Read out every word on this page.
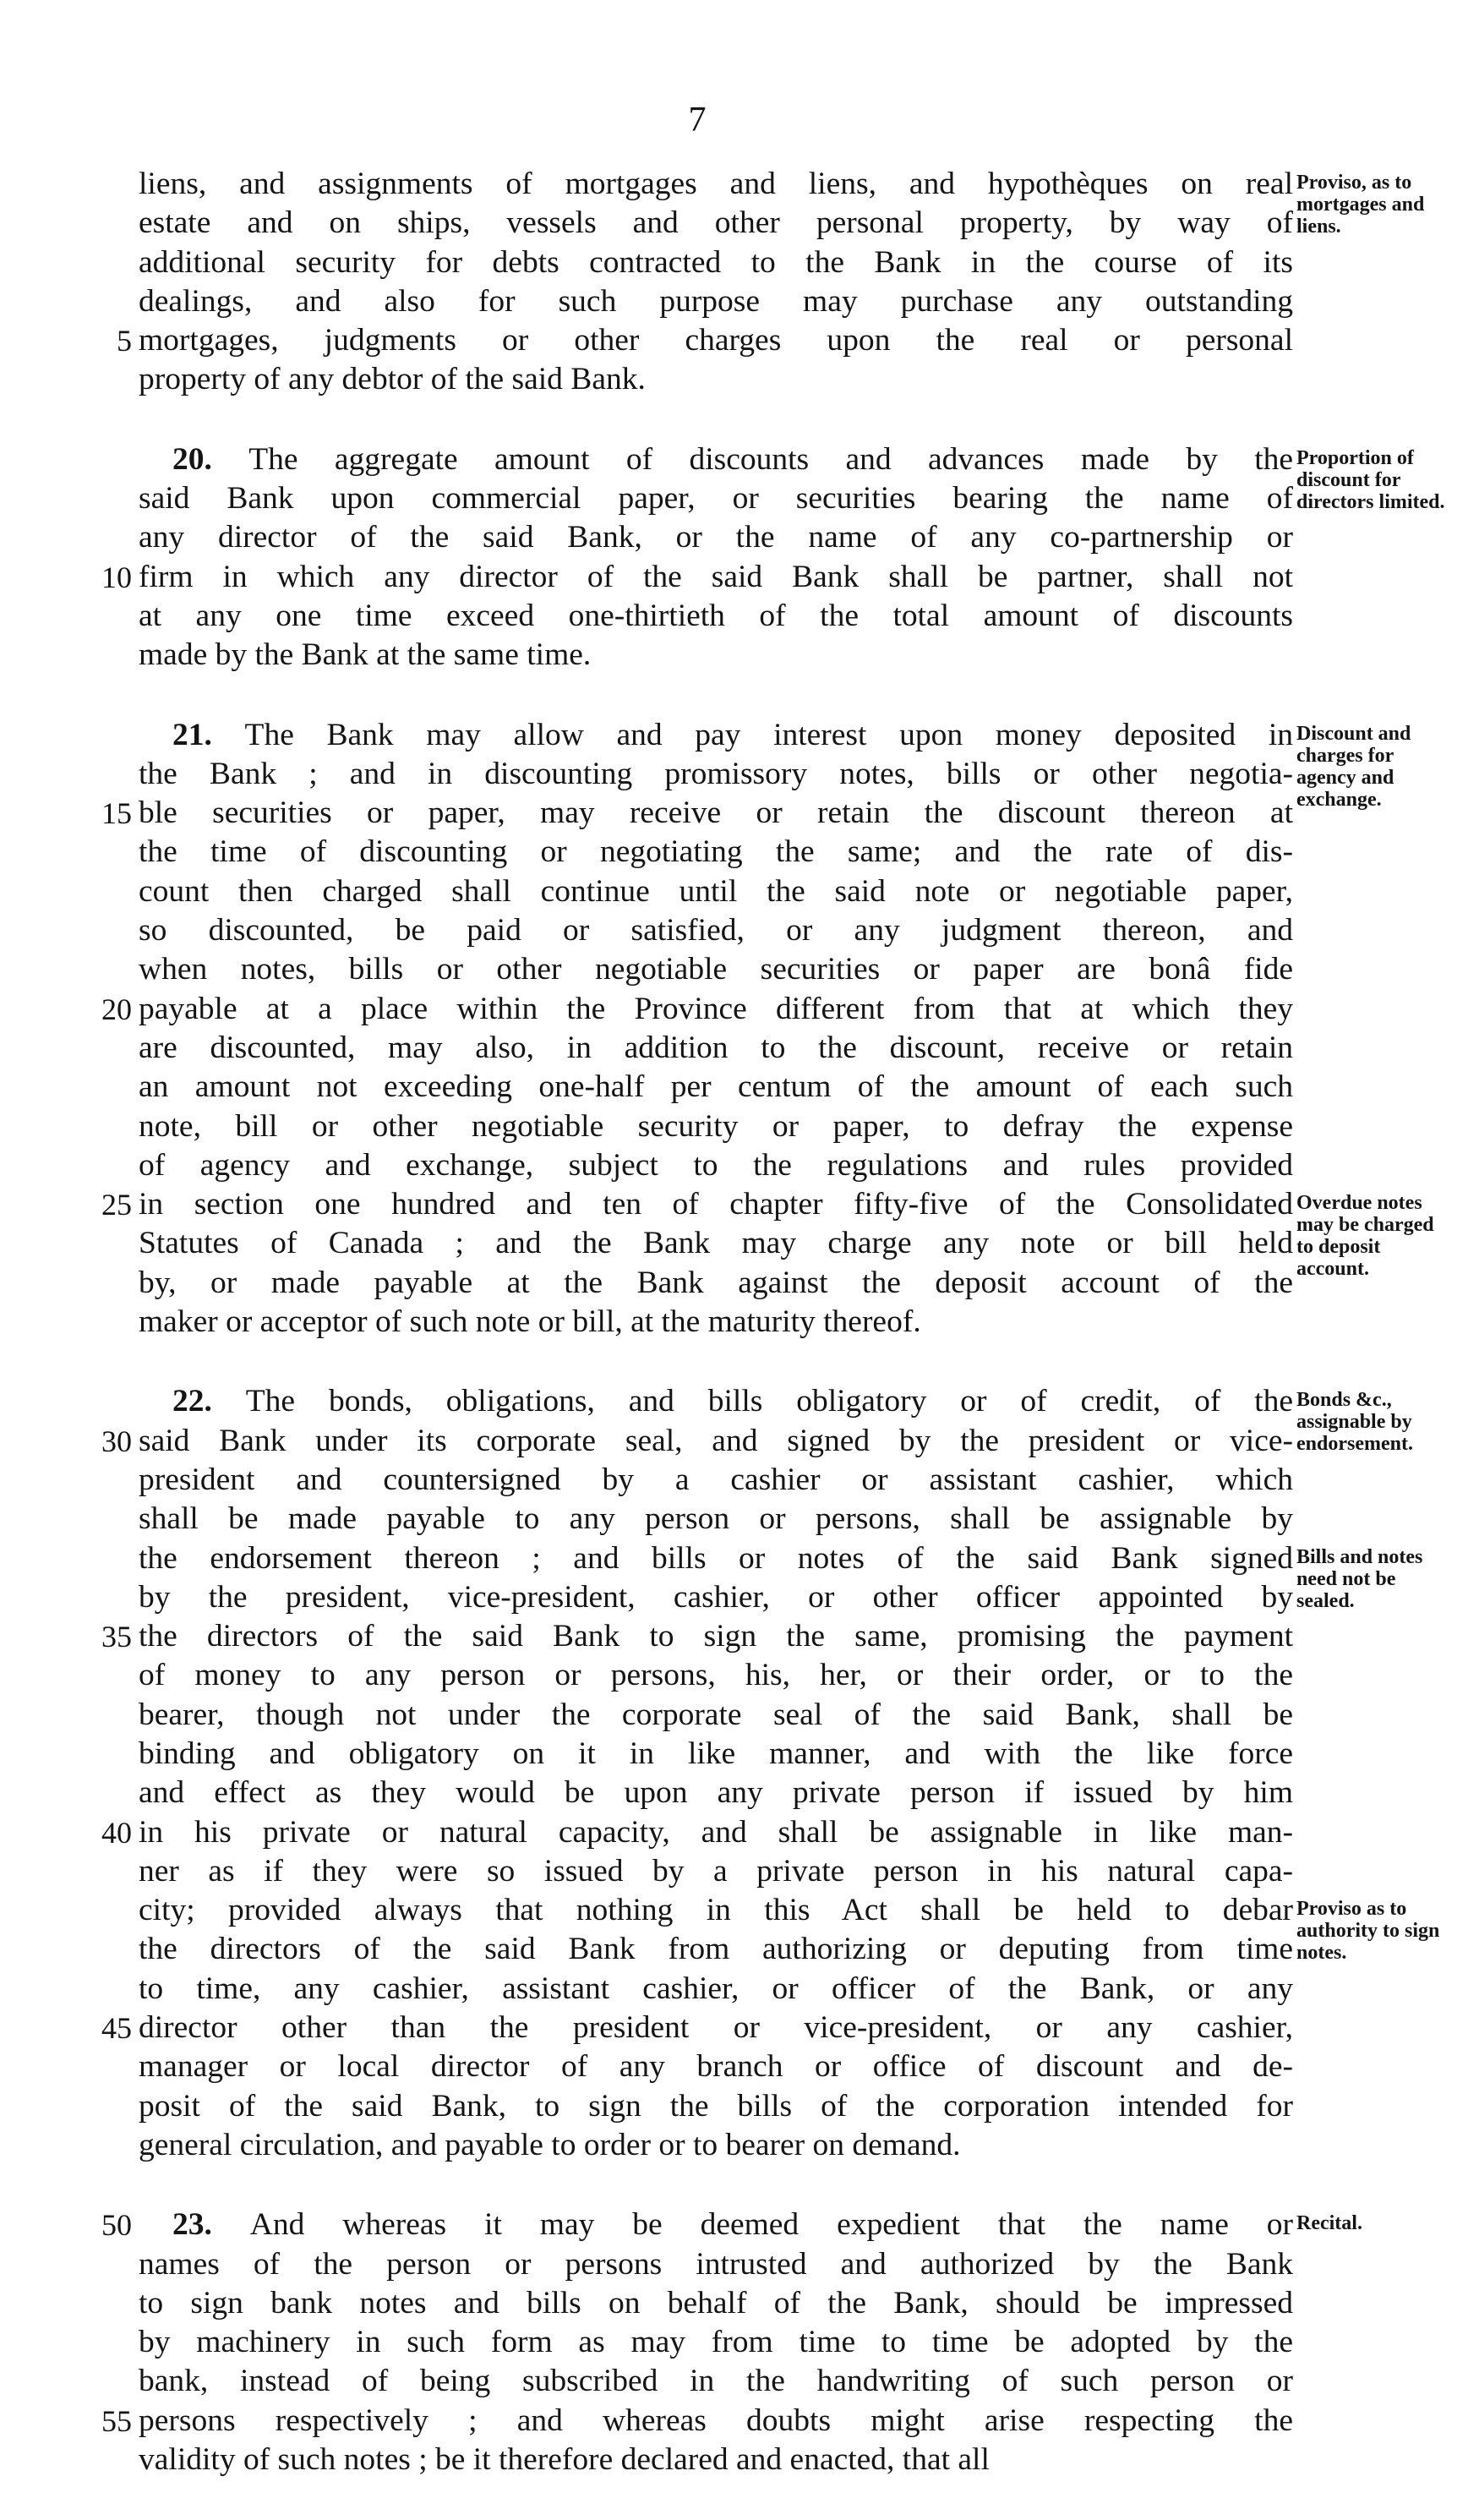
7
liens, and assignments of mortgages and liens, and hypothèques on real Proviso, as to mortgages and liens.
estate and on ships, vessels and other personal property, by way of
additional security for debts contracted to the Bank in the course of its
dealings, and also for such purpose may purchase any outstanding
5 mortgages, judgments or other charges upon the real or personal
property of any debtor of the said Bank.
20. The aggregate amount of discounts and advances made by the Proportion of discount for directors limited.
said Bank upon commercial paper, or securities bearing the name of
any director of the said Bank, or the name of any co-partnership or
10 firm in which any director of the said Bank shall be partner, shall not
at any one time exceed one-thirtieth of the total amount of discounts
made by the Bank at the same time.
21. The Bank may allow and pay interest upon money deposited in Discount and charges for agency and exchange.
the Bank ; and in discounting promissory notes, bills or other negotia-
15 ble securities or paper, may receive or retain the discount thereon at
the time of discounting or negotiating the same; and the rate of dis-
count then charged shall continue until the said note or negotiable paper,
so discounted, be paid or satisfied, or any judgment thereon, and
when notes, bills or other negotiable securities or paper are bonâ fide
20 payable at a place within the Province different from that at which they
are discounted, may also, in addition to the discount, receive or retain
an amount not exceeding one-half per centum of the amount of each such
note, bill or other negotiable security or paper, to defray the expense
of agency and exchange, subject to the regulations and rules provided
25 in section one hundred and ten of chapter fifty-five of the Consolidated Overdue notes may be charged to deposit account.
Statutes of Canada ; and the Bank may charge any note or bill held
by, or made payable at the Bank against the deposit account of the
maker or acceptor of such note or bill, at the maturity thereof.
22. The bonds, obligations, and bills obligatory or of credit, of the Bonds &c., assignable by endorsement.
30 said Bank under its corporate seal, and signed by the president or vice-
president and countersigned by a cashier or assistant cashier, which
shall be made payable to any person or persons, shall be assignable by
the endorsement thereon ; and bills or notes of the said Bank signed Bills and notes need not be sealed.
by the president, vice-president, cashier, or other officer appointed by
35 the directors of the said Bank to sign the same, promising the payment
of money to any person or persons, his, her, or their order, or to the
bearer, though not under the corporate seal of the said Bank, shall be
binding and obligatory on it in like manner, and with the like force
and effect as they would be upon any private person if issued by him
40 in his private or natural capacity, and shall be assignable in like man-
ner as if they were so issued by a private person in his natural capa-
city; provided always that nothing in this Act shall be held to debar Proviso as to authority to sign notes.
the directors of the said Bank from authorizing or deputing from time
to time, any cashier, assistant cashier, or officer of the Bank, or any
45 director other than the president or vice-president, or any cashier,
manager or local director of any branch or office of discount and de-
posit of the said Bank, to sign the bills of the corporation intended for
general circulation, and payable to order or to bearer on demand.
50	23. And whereas it may be deemed expedient that the name or Recital.
names of the person or persons intrusted and authorized by the Bank
to sign bank notes and bills on behalf of the Bank, should be impressed
by machinery in such form as may from time to time be adopted by the
bank, instead of being subscribed in the handwriting of such person or
55 persons respectively ; and whereas doubts might arise respecting the
validity of such notes ; be it therefore declared and enacted, that all
